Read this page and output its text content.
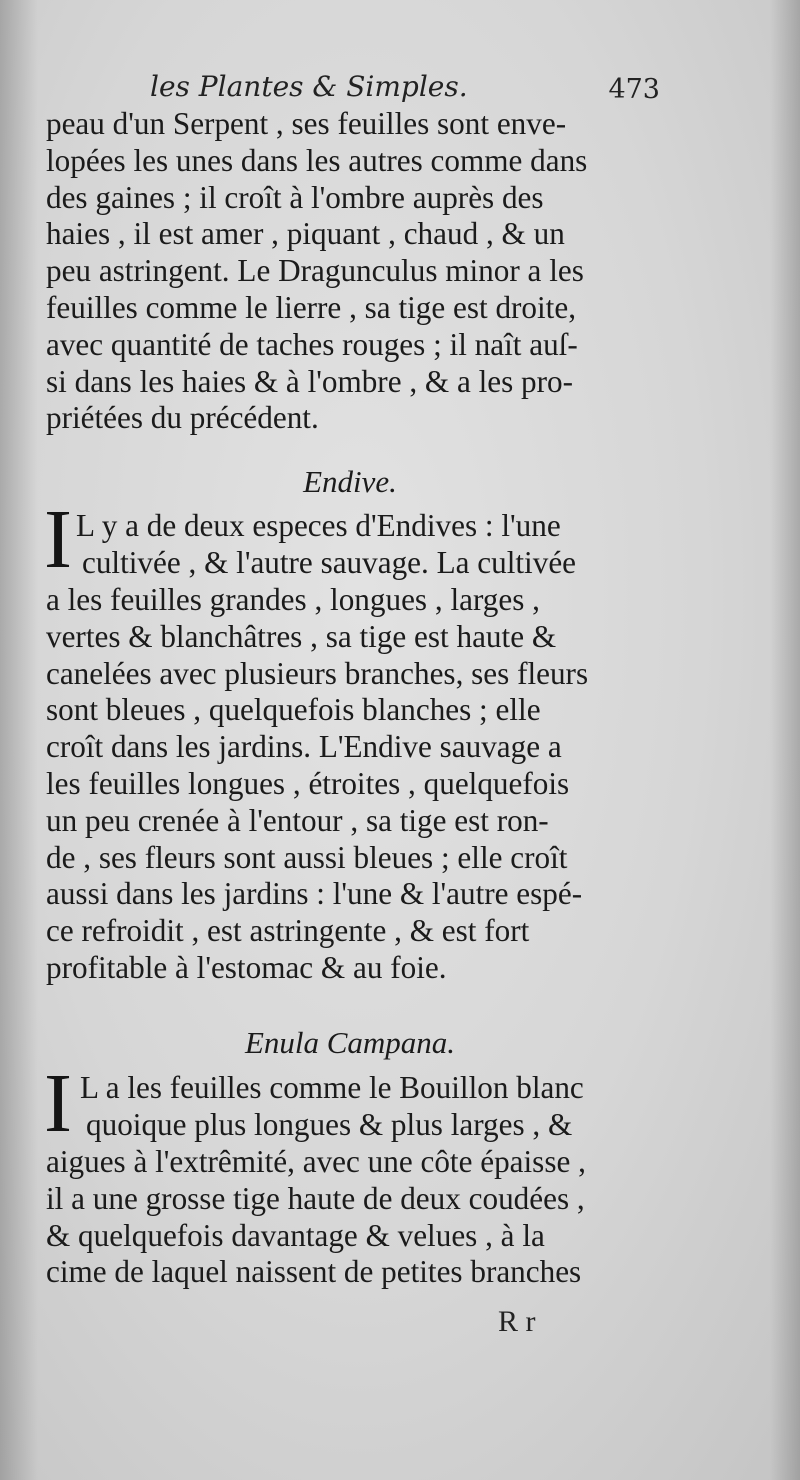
les Plantes & Simples.	473
peau d'un Serpent , ses feuilles sont enve-
lopées les unes dans les autres comme dans
des gaines ; il croît à l'ombre auprès des
haies , il est amer , piquant , chaud , & un
peu astringent. Le Dragunculus minor a les
feuilles comme le lierre , sa tige est droite,
avec quantité de taches rouges ; il naît auſ-
si dans les haies & à l'ombre , & a les pro-
priétées du précédent.
Endive.
I L y a de deux especes d'Endives : l'une
cultivée , & l'autre sauvage. La cultivée
a les feuilles grandes , longues , larges ,
vertes & blanchâtres , sa tige est haute &
canelées avec plusieurs branches, ses fleurs
sont bleues , quelquefois blanches ; elle
croît dans les jardins. L'Endive sauvage a
les feuilles longues , étroites , quelquefois
un peu crenée à l'entour , sa tige est ron-
de , ses fleurs sont aussi bleues ; elle croît
aussi dans les jardins : l'une & l'autre espé-
ce refroidit , est astringente , & est fort
profitable à l'estomac & au foie.
Enula Campana.
I L a les feuilles comme le Bouillon blanc
quoique plus longues & plus larges , &
aigues à l'extrêmité, avec une côte épaisse ,
il a une grosse tige haute de deux coudées ,
& quelquefois davantage & velues , à la
cime de laquel naissent de petites branches
R r
